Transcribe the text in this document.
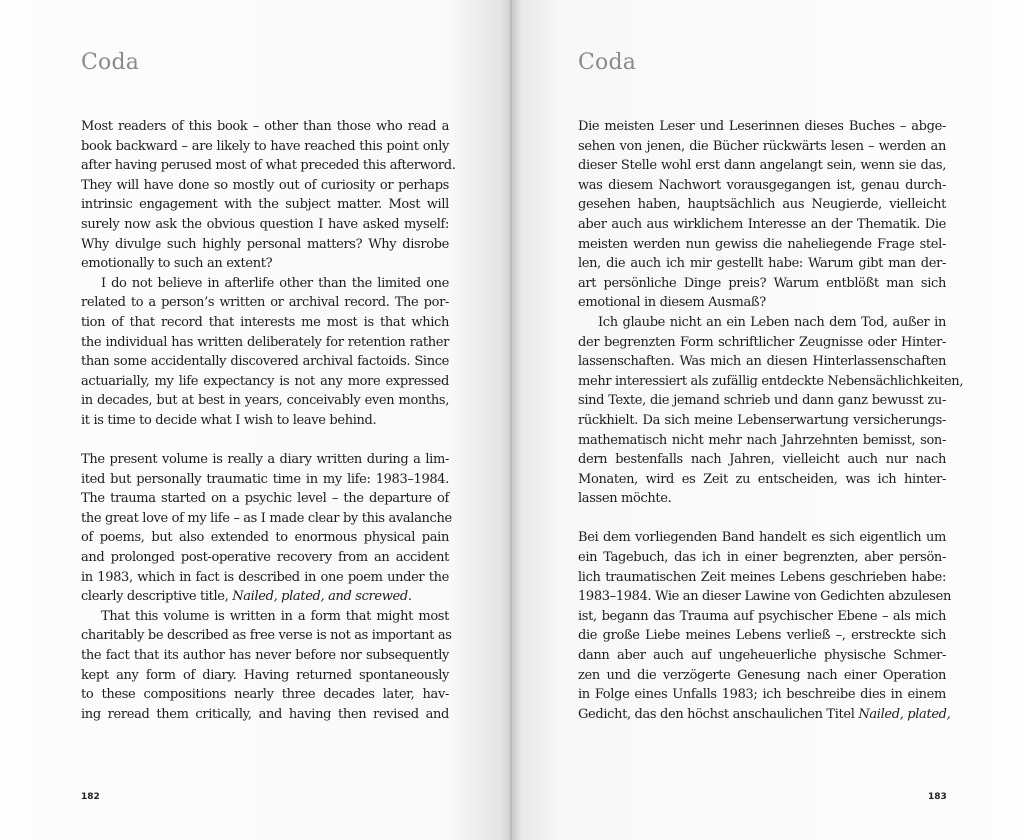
Coda
Most readers of this book – other than those who read a
book backward – are likely to have reached this point only
after having perused most of what preceded this afterword.
They will have done so mostly out of curiosity or perhaps
intrinsic engagement with the subject matter. Most will
surely now ask the obvious question I have asked myself:
Why divulge such highly personal matters? Why disrobe
emotionally to such an extent?
I do not believe in afterlife other than the limited one
related to a person’s written or archival record. The por-
tion of that record that interests me most is that which
the individual has written deliberately for retention rather
than some accidentally discovered archival factoids. Since
actuarially, my life expectancy is not any more expressed
in decades, but at best in years, conceivably even months,
it is time to decide what I wish to leave behind.
The present volume is really a diary written during a lim-
ited but personally traumatic time in my life: 1983–1984.
The trauma started on a psychic level – the departure of
the great love of my life – as I made clear by this avalanche
of poems, but also extended to enormous physical pain
and prolonged post-operative recovery from an accident
in 1983, which in fact is described in one poem under the
clearly descriptive title, Nailed, plated, and screwed.
That this volume is written in a form that might most
charitably be described as free verse is not as important as
the fact that its author has never before nor subsequently
kept any form of diary. Having returned spontaneously
to these compositions nearly three decades later, hav-
ing reread them critically, and having then revised and
182
Coda
Die meisten Leser und Leserinnen dieses Buches – abge-
sehen von jenen, die Bücher rückwärts lesen – werden an
dieser Stelle wohl erst dann angelangt sein, wenn sie das,
was diesem Nachwort vorausgegangen ist, genau durch-
gesehen haben, hauptsächlich aus Neugierde, vielleicht
aber auch aus wirklichem Interesse an der Thematik. Die
meisten werden nun gewiss die naheliegende Frage stel-
len, die auch ich mir gestellt habe: Warum gibt man der-
art persönliche Dinge preis? Warum entblößt man sich
emotional in diesem Ausmaß?
Ich glaube nicht an ein Leben nach dem Tod, außer in
der begrenzten Form schriftlicher Zeugnisse oder Hinter-
lassenschaften. Was mich an diesen Hinterlassenschaften
mehr interessiert als zufällig entdeckte Nebensächlichkeiten,
sind Texte, die jemand schrieb und dann ganz bewusst zu-
rückhielt. Da sich meine Lebenserwartung versicherungs-
mathematisch nicht mehr nach Jahrzehnten bemisst, son-
dern bestenfalls nach Jahren, vielleicht auch nur nach
Monaten, wird es Zeit zu entscheiden, was ich hinter-
lassen möchte.
Bei dem vorliegenden Band handelt es sich eigentlich um
ein Tagebuch, das ich in einer begrenzten, aber persön-
lich traumatischen Zeit meines Lebens geschrieben habe:
1983–1984. Wie an dieser Lawine von Gedichten abzulesen
ist, begann das Trauma auf psychischer Ebene – als mich
die große Liebe meines Lebens verließ –, erstreckte sich
dann aber auch auf ungeheuerliche physische Schmer-
zen und die verzögerte Genesung nach einer Operation
in Folge eines Unfalls 1983; ich beschreibe dies in einem
Gedicht, das den höchst anschaulichen Titel Nailed, plated,
183
